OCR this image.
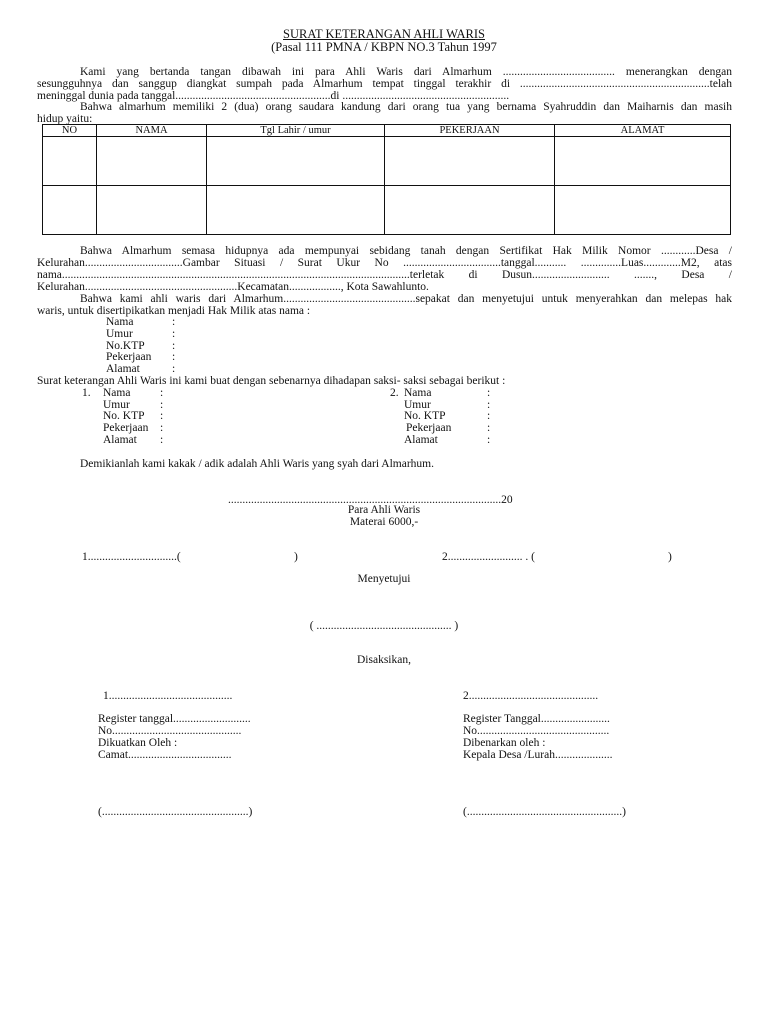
SURAT KETERANGAN AHLI WARIS
(Pasal 111 PMNA / KBPN NO.3 Tahun 1997
Kami yang bertanda tangan dibawah ini para Ahli Waris dari Almarhum ....................................... menerangkan dengan
sesungguhnya dan sanggup diangkat sumpah pada Almarhum tempat tinggal terakhir di ..................................................................telah
meninggal dunia pada tanggal......................................................di ..........................................................
Bahwa almarhum memiliki 2 (dua) orang saudara kandung dari orang tua yang bernama Syahruddin dan Maiharnis dan masih
hidup yaitu:
NO	NAMA	Tgl Lahir / umur	PEKERJAAN	ALAMAT

Bahwa Almarhum semasa hidupnya ada mempunyai sebidang tanah dengan Sertifikat Hak Milik Nomor ............Desa /
Kelurahan..................................Gambar Situasi / Surat Ukur No ..................................tanggal........... ..............Luas.............M2, atas
nama.........................................................................................................................terletak di Dusun........................... ......., Desa /
Kelurahan.....................................................Kecamatan.................., Kota Sawahlunto.
Bahwa kami ahli waris dari Almarhum..............................................sepakat dan menyetujui untuk menyerahkan dan melepas hak
waris, untuk disertipikatkan menjadi Hak Milik atas nama :
Nama	:
Umur	:
No.KTP :
Pekerjaan :
Alamat	:
Surat keterangan Ahli Waris ini kami buat dengan sebenarnya dihadapan saksi- saksi sebagai berikut :
1. Nama	:
Umur	:
No. KTP :
Pekerjaan :
Alamat :
2. Nama	:
Umur	:
No. KTP	:
Pekerjaan	:
Alamat	:
Demikianlah kami kakak / adik adalah Ahli Waris yang syah dari Almarhum.
...............................................................................................20
Para Ahli Waris
Materai 6000,-
1...............................(	)	2.......................... . (	)
Menyetujui
( ............................................... )
Disaksikan,
1...........................................
Register tanggal...........................
No.............................................
Dikuatkan Oleh :
Camat....................................
(...................................................)
2.............................................
Register Tanggal........................
No..............................................
Dibenarkan oleh :
Kepala Desa /Lurah....................
(......................................................)
